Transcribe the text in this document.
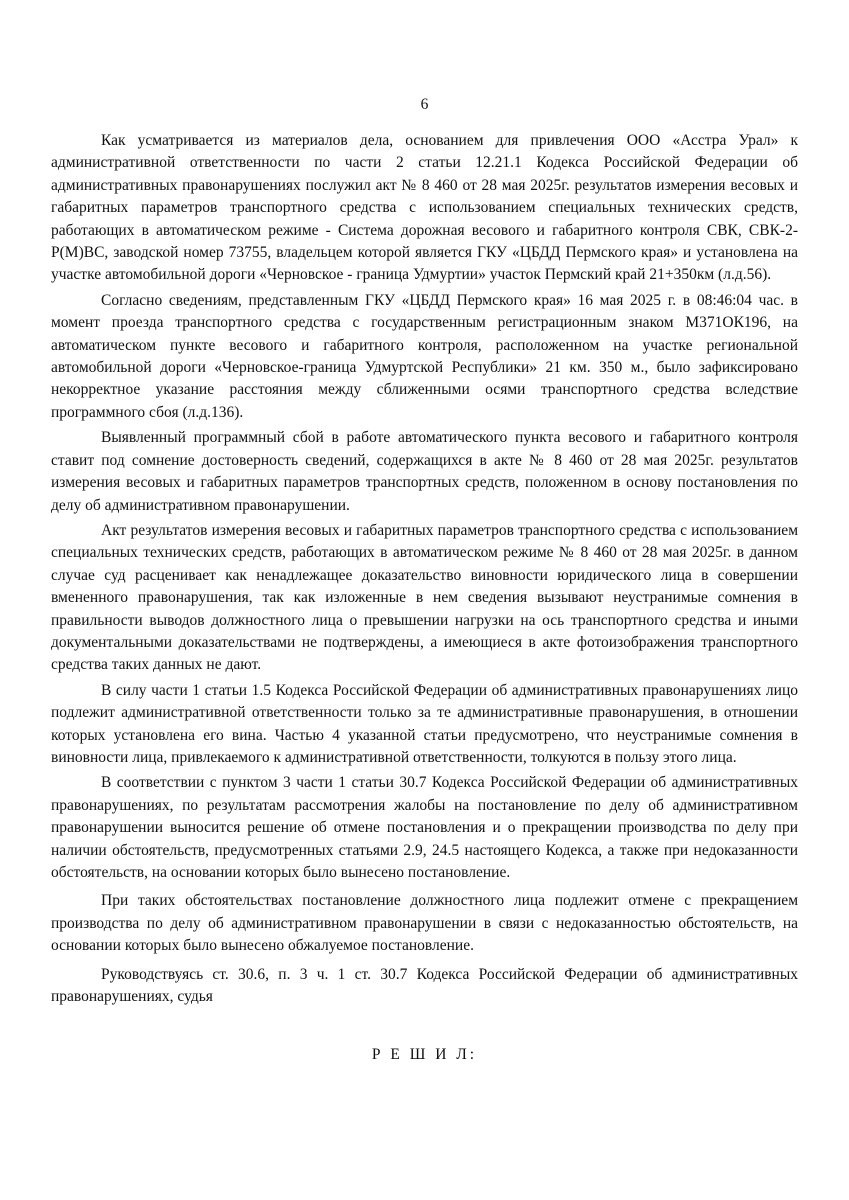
6

Как усматривается из материалов дела, основанием для привлечения ООО «Асстра Урал» к административной ответственности по части 2 статьи 12.21.1 Кодекса Российской Федерации об административных правонарушениях послужил акт № 8 460 от 28 мая 2025г. результатов измерения весовых и габаритных параметров транспортного средства с использованием специальных технических средств, работающих в автоматическом режиме - Система дорожная весового и габаритного контроля СВК, СВК-2-Р(М)ВС, заводской номер 73755, владельцем которой является ГКУ «ЦБДД Пермского края» и установлена на участке автомобильной дороги «Черновское - граница Удмуртии» участок Пермский край 21+350км (л.д.56).

Согласно сведениям, представленным ГКУ «ЦБДД Пермского края» 16 мая 2025 г. в 08:46:04 час. в момент проезда транспортного средства с государственным регистрационным знаком М371ОК196, на автоматическом пункте весового и габаритного контроля, расположенном на участке региональной автомобильной дороги «Черновское-граница Удмуртской Республики» 21 км. 350 м., было зафиксировано некорректное указание расстояния между сближенными осями транспортного средства вследствие программного сбоя (л.д.136).

Выявленный программный сбой в работе автоматического пункта весового и габаритного контроля ставит под сомнение достоверность сведений, содержащихся в акте № 8 460 от 28 мая 2025г. результатов измерения весовых и габаритных параметров транспортных средств, положенном в основу постановления по делу об административном правонарушении.

Акт результатов измерения весовых и габаритных параметров транспортного средства с использованием специальных технических средств, работающих в автоматическом режиме № 8 460 от 28 мая 2025г. в данном случае суд расценивает как ненадлежащее доказательство виновности юридического лица в совершении вмененного правонарушения, так как изложенные в нем сведения вызывают неустранимые сомнения в правильности выводов должностного лица о превышении нагрузки на ось транспортного средства и иными документальными доказательствами не подтверждены, а имеющиеся в акте фотоизображения транспортного средства таких данных не дают.

В силу части 1 статьи 1.5 Кодекса Российской Федерации об административных правонарушениях лицо подлежит административной ответственности только за те административные правонарушения, в отношении которых установлена его вина. Частью 4 указанной статьи предусмотрено, что неустранимые сомнения в виновности лица, привлекаемого к административной ответственности, толкуются в пользу этого лица.

В соответствии с пунктом 3 части 1 статьи 30.7 Кодекса Российской Федерации об административных правонарушениях, по результатам рассмотрения жалобы на постановление по делу об административном правонарушении выносится решение об отмене постановления и о прекращении производства по делу при наличии обстоятельств, предусмотренных статьями 2.9, 24.5 настоящего Кодекса, а также при недоказанности обстоятельств, на основании которых было вынесено постановление.

При таких обстоятельствах постановление должностного лица подлежит отмене с прекращением производства по делу об административном правонарушении в связи с недоказанностью обстоятельств, на основании которых было вынесено обжалуемое постановление.

Руководствуясь ст. 30.6, п. 3 ч. 1 ст. 30.7 Кодекса Российской Федерации об административных правонарушениях, судья

Р Е Ш И Л:
